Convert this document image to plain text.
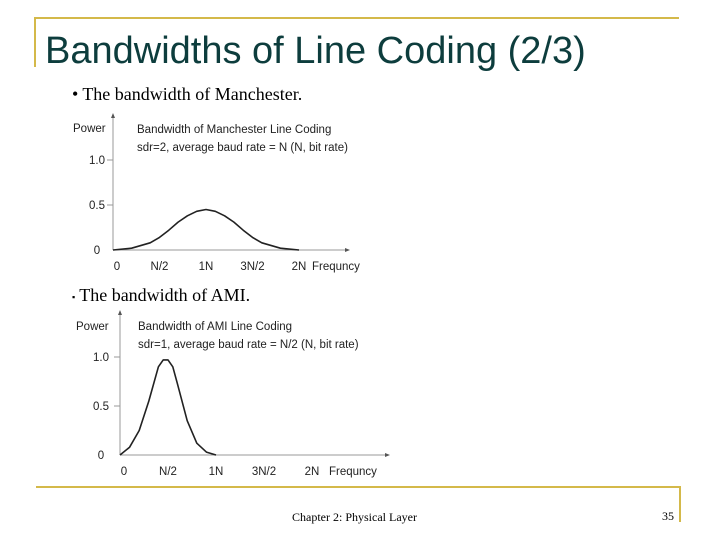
Bandwidths of Line Coding (2/3)
• The bandwidth of Manchester.
▪ The bandwidth of AMI.
Bandwidth of Manchester Line Coding
sdr=2, average baud rate = N (N, bit rate)
Power
0
0.5
1.0
0	N/2	1N 3N/2 2N Frequncy
Bandwidth of AMI Line Coding
sdr=1, average baud rate = N/2 (N, bit rate)
Power
0
0.5
1.0
0	N/2	1N 3N/2 2N Frequncy
Chapter 2: Physical Layer	35
